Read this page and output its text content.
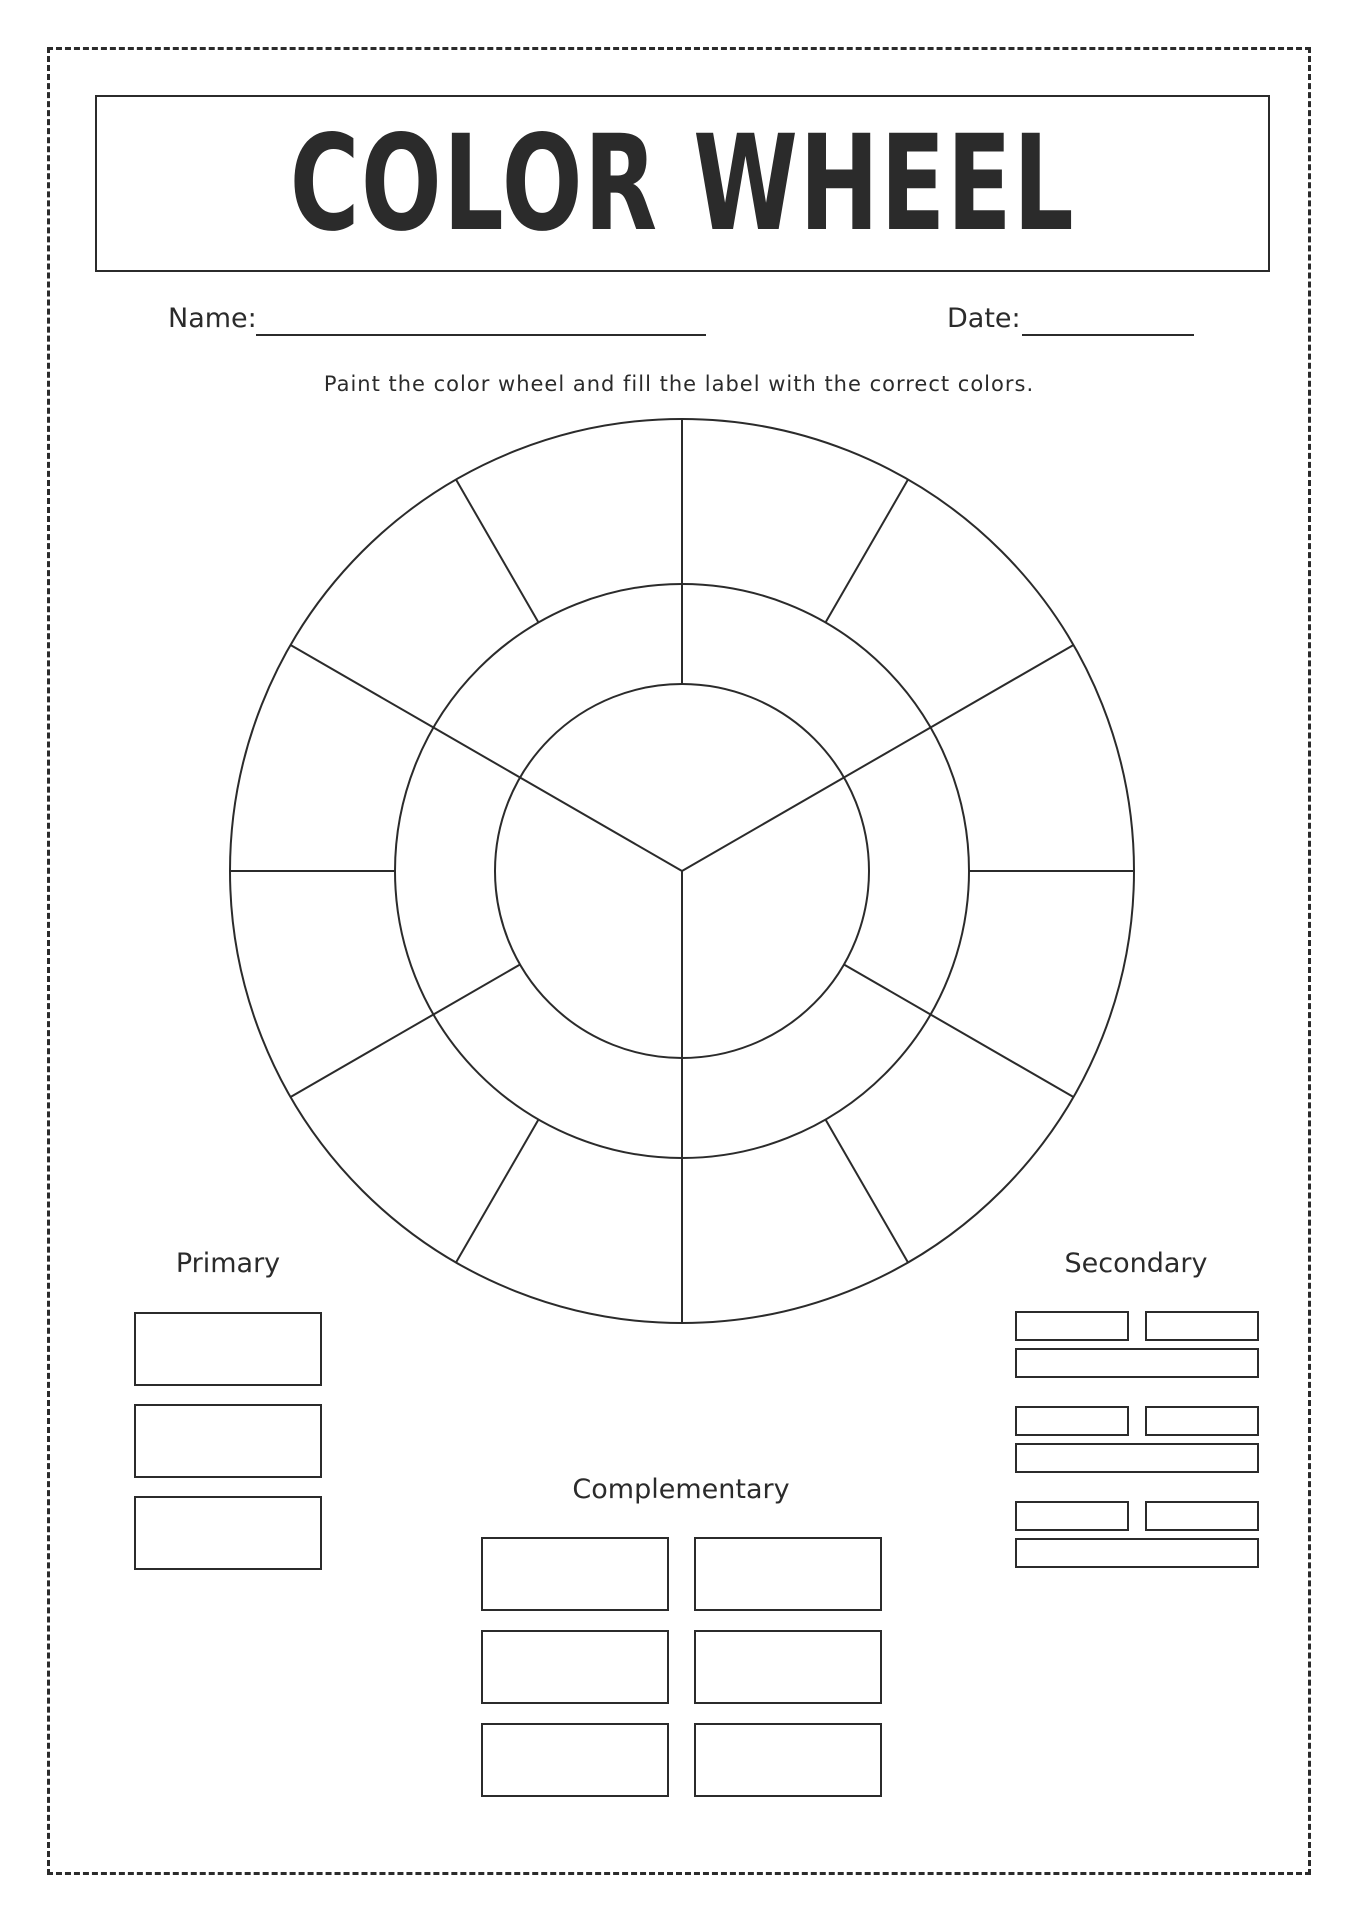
COLOR WHEEL
Name:	Date:
Paint the color wheel and fill the label with the correct colors.
Primary	Secondary
Complementary
